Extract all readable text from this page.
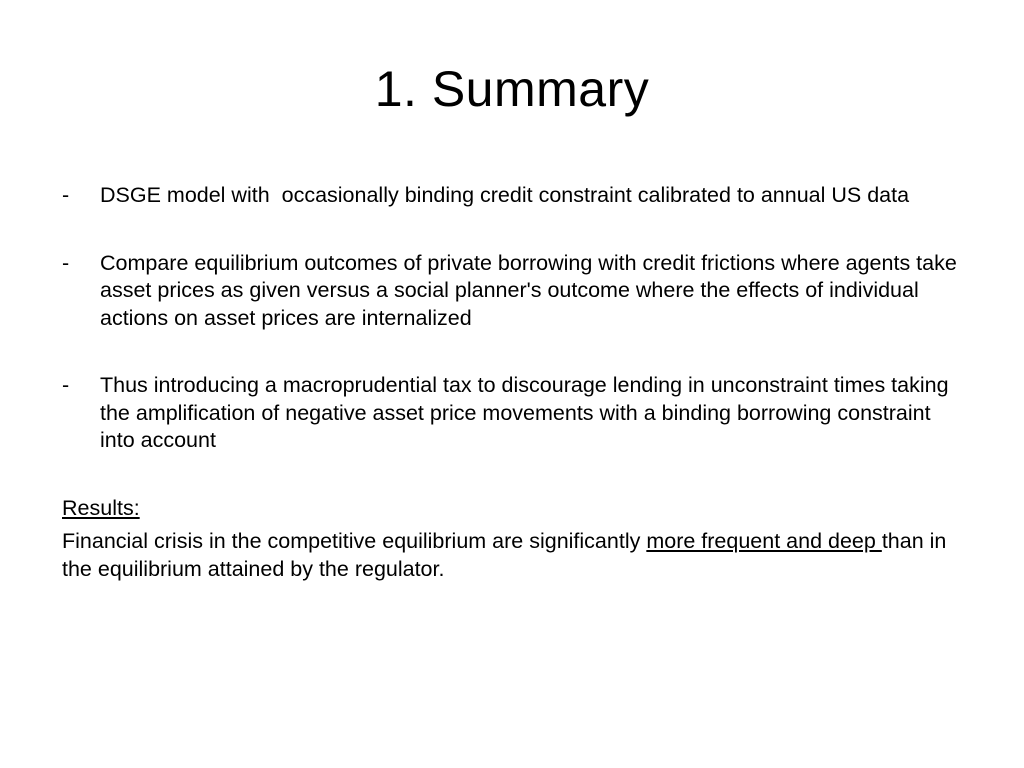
1. Summary
-	DSGE model with  occasionally binding credit constraint calibrated to annual US data
-	Compare equilibrium outcomes of private borrowing with credit frictions where agents take asset prices as given versus a social planner's outcome where the effects of individual actions on asset prices are internalized
-	Thus introducing a macroprudential tax to discourage lending in unconstraint times taking the amplification of negative asset price movements with a binding borrowing constraint into account

Results:

Financial crisis in the competitive equilibrium are significantly more frequent and deep than in the equilibrium attained by the regulator.
